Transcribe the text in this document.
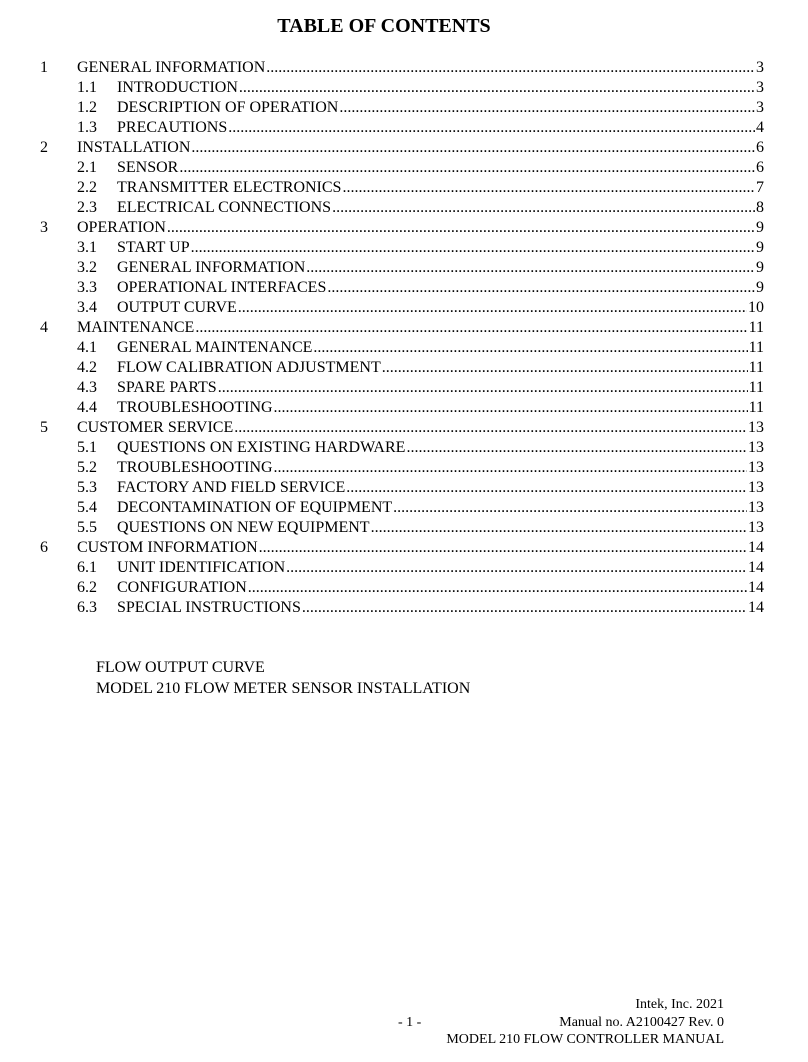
TABLE OF CONTENTS
1 GENERAL INFORMATION .....	3
1.1 INTRODUCTION .....	3
1.2 DESCRIPTION OF OPERATION .....	3
1.3 PRECAUTIONS .....	4
2 INSTALLATION .....	6
2.1 SENSOR .....	6
2.2 TRANSMITTER ELECTRONICS .....	7
2.3 ELECTRICAL CONNECTIONS .....	8
3 OPERATION .....	9
3.1 START UP .....	9
3.2 GENERAL INFORMATION .....	9
3.3 OPERATIONAL INTERFACES .....	9
3.4 OUTPUT CURVE .....	10
4 MAINTENANCE .....	11
4.1 GENERAL MAINTENANCE .....	11
4.2 FLOW CALIBRATION ADJUSTMENT .....	11
4.3 SPARE PARTS .....	11
4.4 TROUBLESHOOTING .....	11
5 CUSTOMER SERVICE .....	13
5.1 QUESTIONS ON EXISTING HARDWARE .....	13
5.2 TROUBLESHOOTING .....	13
5.3 FACTORY AND FIELD SERVICE .....	13
5.4 DECONTAMINATION OF EQUIPMENT .....	13
5.5 QUESTIONS ON NEW EQUIPMENT .....	13
6 CUSTOM INFORMATION .....	14
6.1 UNIT IDENTIFICATION .....	14
6.2 CONFIGURATION .....	14
6.3 SPECIAL INSTRUCTIONS .....	14
FLOW OUTPUT CURVE
MODEL 210 FLOW METER SENSOR INSTALLATION
Intek, Inc. 2021
- 1 -	Manual no. A2100427 Rev. 0
MODEL 210 FLOW CONTROLLER MANUAL
